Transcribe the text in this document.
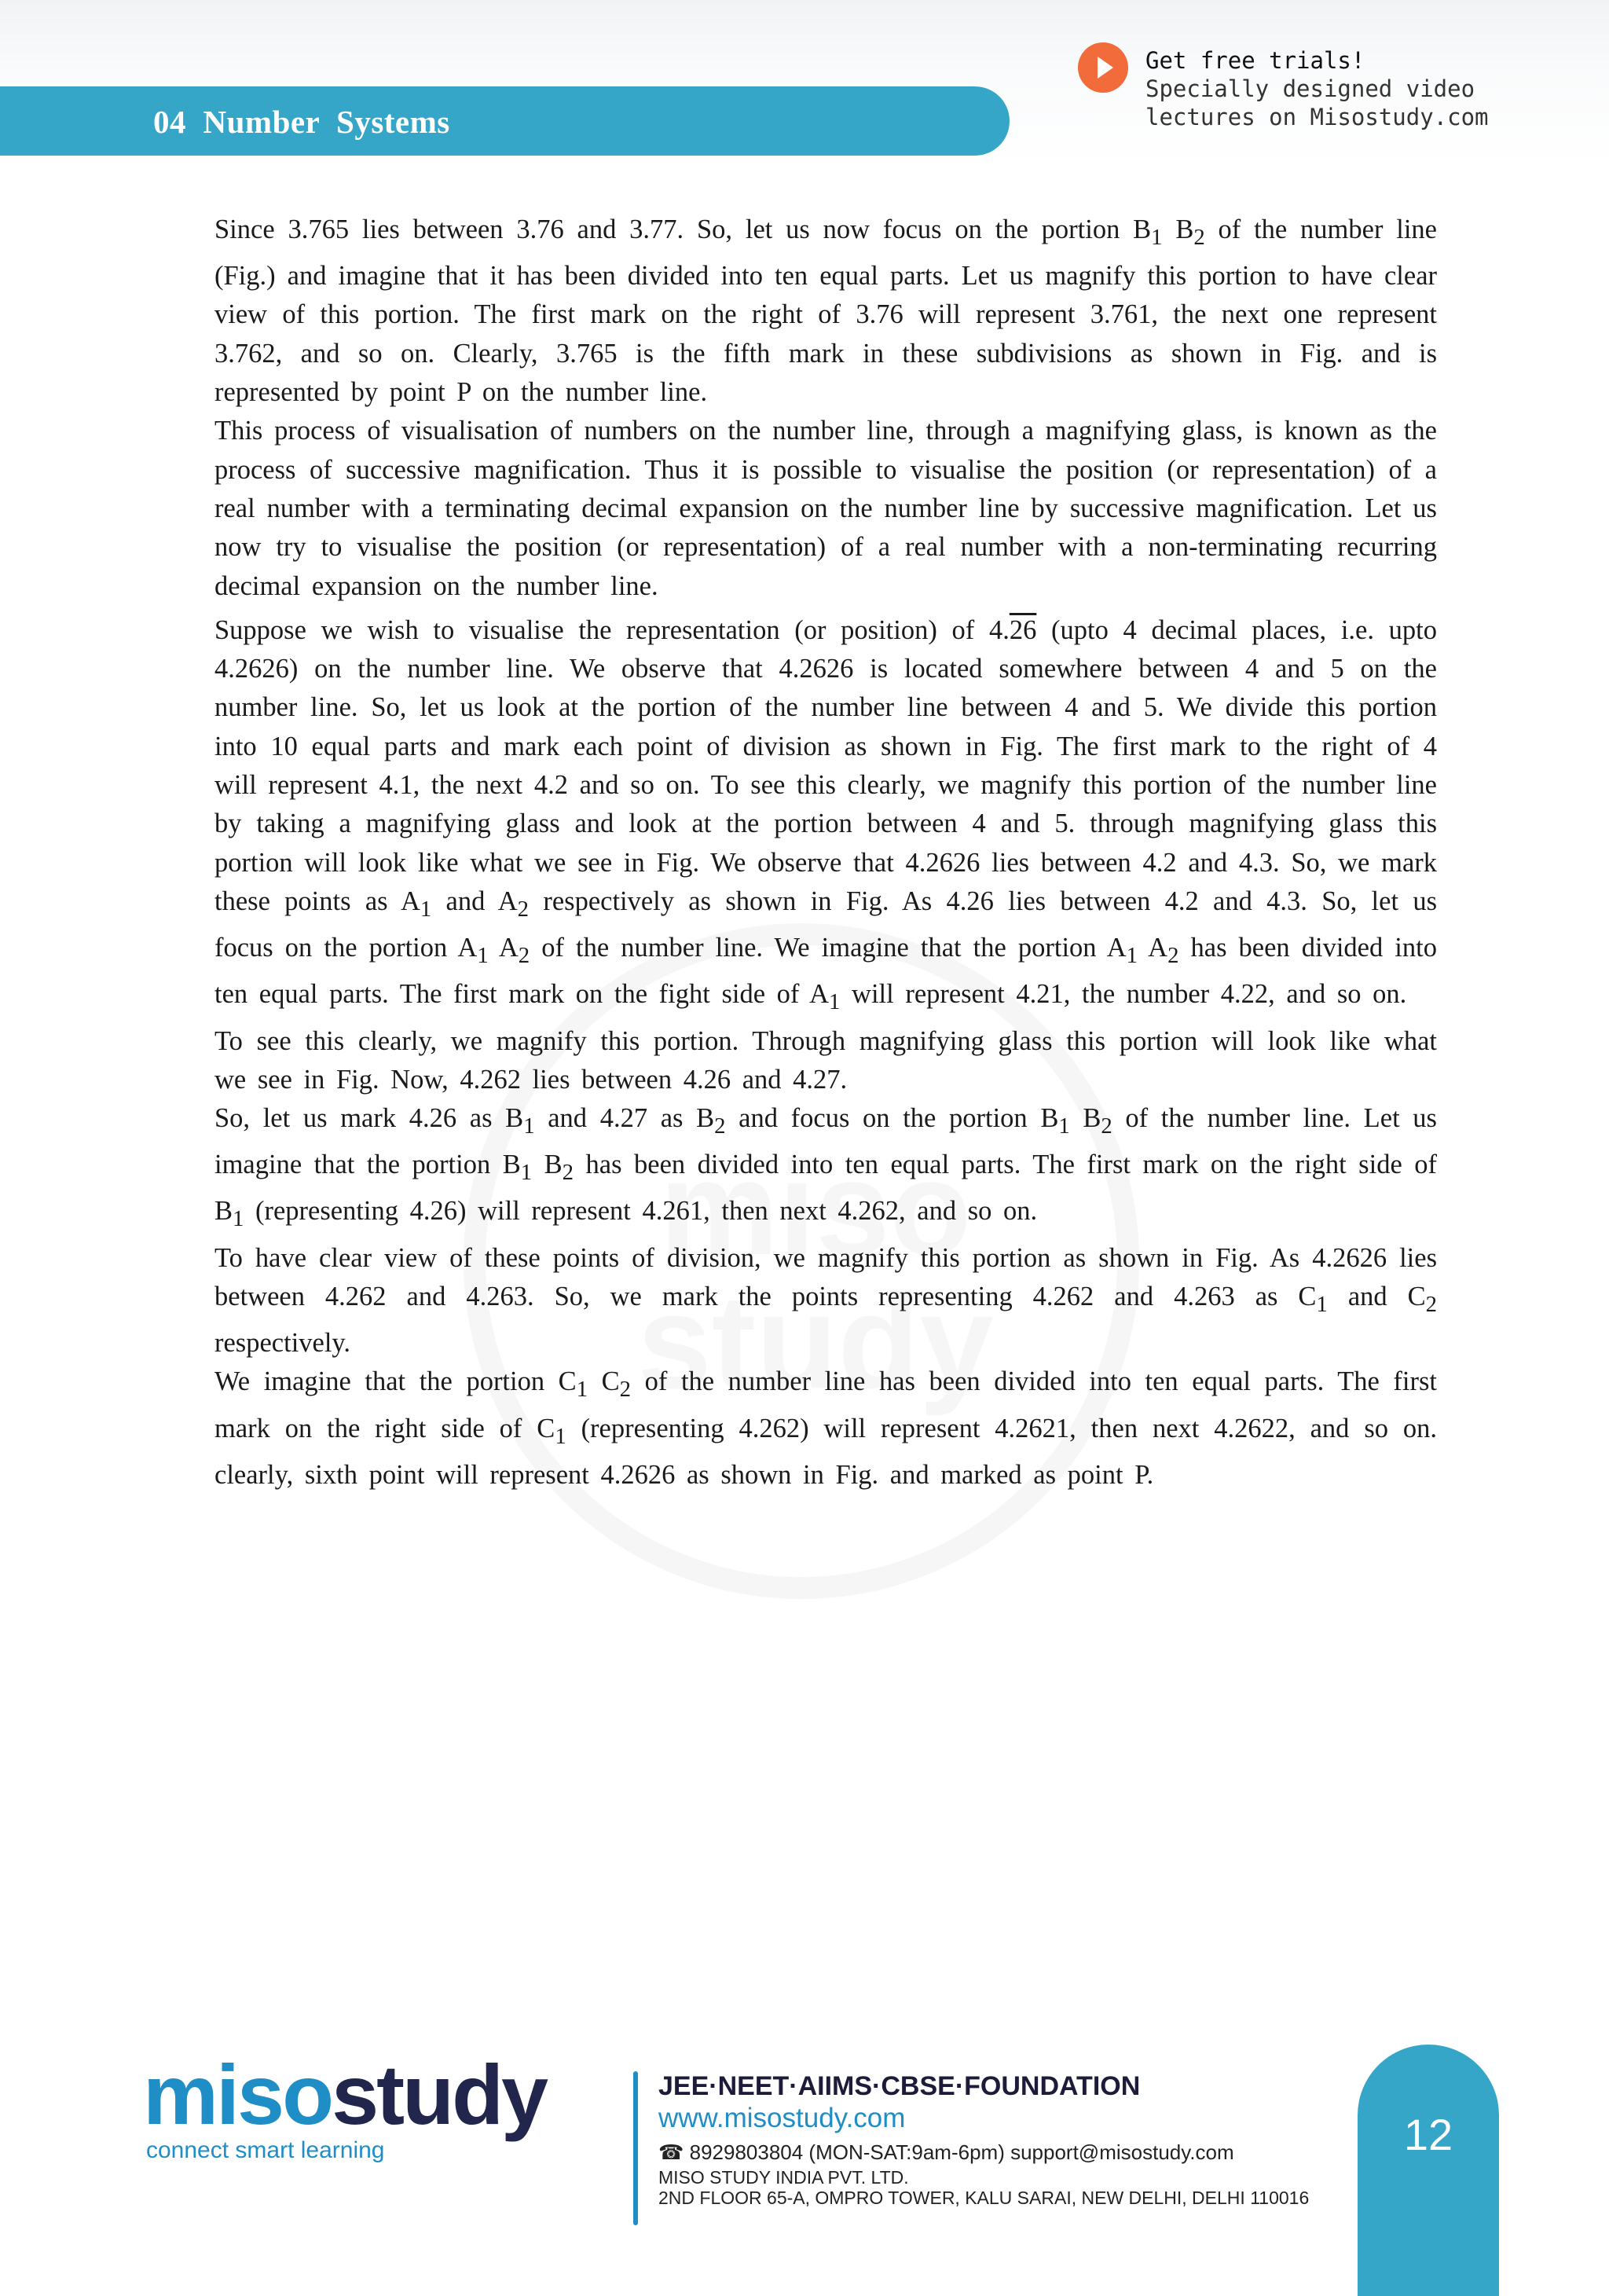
04  Number  Systems
Get free trials!
Specially designed video
lectures on Misostudy.com
miso study

Since 3.765 lies between 3.76 and 3.77. So, let us now focus on the portion $B_1$ $B_2$ of the number line (Fig.) and imagine that it has been divided into ten equal parts. Let us magnify this portion to have clear view of this portion. The first mark on the right of 3.76 will represent 3.761, the next one represent 3.762, and so on. Clearly, 3.765 is the fifth mark in these subdivisions as shown in Fig. and is represented by point P on the number line.

This process of visualisation of numbers on the number line, through a magnifying glass, is known as the process of successive magnification. Thus it is possible to visualise the position (or representation) of a real number with a terminating decimal expansion on the number line by successive magnification. Let us now try to visualise the position (or representation) of a real number with a non-terminating recurring decimal expansion on the number line.

Suppose we wish to visualise the representation (or position) of 4.26 (upto 4 decimal places, i.e. upto 4.2626) on the number line. We observe that 4.2626 is located somewhere between 4 and 5 on the number line. So, let us look at the portion of the number line between 4 and 5. We divide this portion into 10 equal parts and mark each point of division as shown in Fig. The first mark to the right of 4 will represent 4.1, the next 4.2 and so on. To see this clearly, we magnify this portion of the number line by taking a magnifying glass and look at the portion between 4 and 5. through magnifying glass this portion will look like what we see in Fig. We observe that 4.2626 lies between 4.2 and 4.3. So, we mark these points as $A_1$ and $A_2$ respectively as shown in Fig. As 4.26 lies between 4.2 and 4.3. So, let us focus on the portion $A_1$ $A_2$ of the number line. We imagine that the portion $A_1$ $A_2$ has been divided into ten equal parts. The first mark on the fight side of $A_1$ will represent 4.21, the number 4.22, and so on.

To see this clearly, we magnify this portion. Through magnifying glass this portion will look like what we see in Fig. Now, 4.262 lies between 4.26 and 4.27.

So, let us mark 4.26 as $B_1$ and 4.27 as $B_2$ and focus on the portion $B_1$ $B_2$ of the number line. Let us imagine that the portion $B_1$ $B_2$ has been divided into ten equal parts. The first mark on the right side of $B_1$ (representing 4.26) will represent 4.261, then next 4.262, and so on.

To have clear view of these points of division, we magnify this portion as shown in Fig. As 4.2626 lies between 4.262 and 4.263. So, we mark the points representing 4.262 and 4.263 as $C_1$ and $C_2$ respectively.

We imagine that the portion $C_1$ $C_2$ of the number line has been divided into ten equal parts. The first mark on the right side of $C_1$ (representing 4.262) will represent 4.2621, then next 4.2622, and so on. clearly, sixth point will represent 4.2626 as shown in Fig. and marked as point P.

misostudy
connect smart learning
JEE·NEET·AIIMS·CBSE·FOUNDATION
www.misostudy.com
☎ 8929803804 (MON-SAT:9am-6pm) support@misostudy.com
MISO STUDY INDIA PVT. LTD.
2ND FLOOR 65-A, OMPRO TOWER, KALU SARAI, NEW DELHI, DELHI 110016
12
